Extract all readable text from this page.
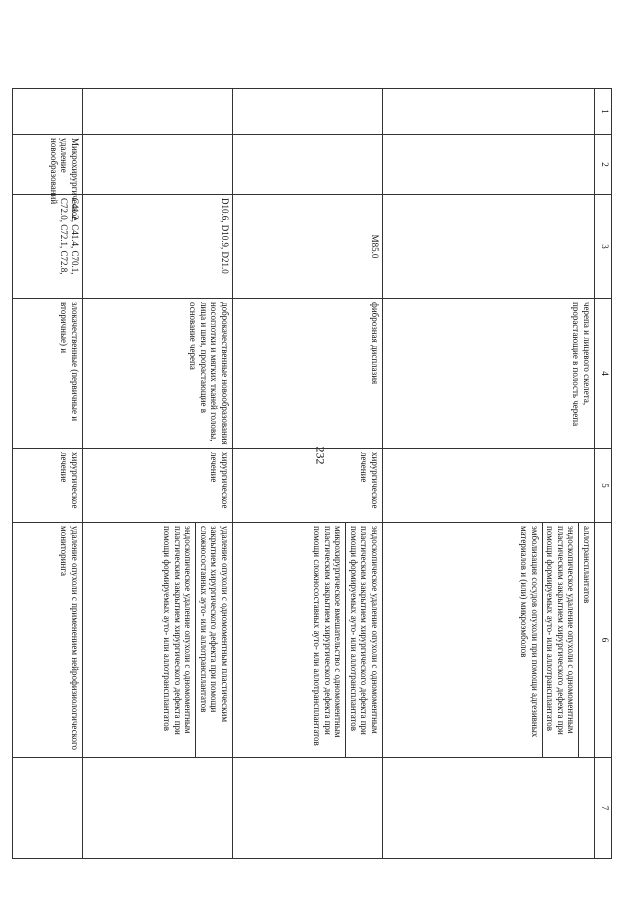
232
1	2	3	4	5	6	7
			черепа и лицевого скелета, прорастающие в полость черепа		аллотрансплантатов
эндоскопическое удаление опухоли с одномоментным пластическим закрытием хирургического дефекта при помощи формируемых ауто- или аллотрансплантатов
эмболизация сосудов опухоли при помощи адгезивных материалов и (или) микроэмболов	

		M85.0	фиброзная дисплазия	хирургическое лечение	эндоскопическое удаление опухоли с одномоментным пластическим закрытием хирургического дефекта при помощи формируемых ауто- или аллотрансплантатов
микрохирургическое вмешательство с одномоментным пластическим закрытием хирургического дефекта при помощи сложносоставных ауто- или аллотрансплантатов	

		D10.6, D10.9, D21.0	доброкачественные новообразования носоглотки и мягких тканей головы, лица и шеи, прорастающие в основание черепа	хирургическое лечение	удаление опухоли с одномоментным пластическим закрытием хирургического дефекта при помощи сложносоставных ауто- или аллотрансплантатов
эндоскопическое удаление опухоли с одномоментным пластическим закрытием хирургического дефекта при помощи формируемых ауто- или аллотрансплантатов	

	Микрохирургическое удаление новообразований	C41.2, C41.4, C70.1, C72.0, C72.1, C72.8,	злокачественные (первичные и вторичные) и	хирургическое лечение	удаление опухоли с применением нейрофизиологического мониторинга	
